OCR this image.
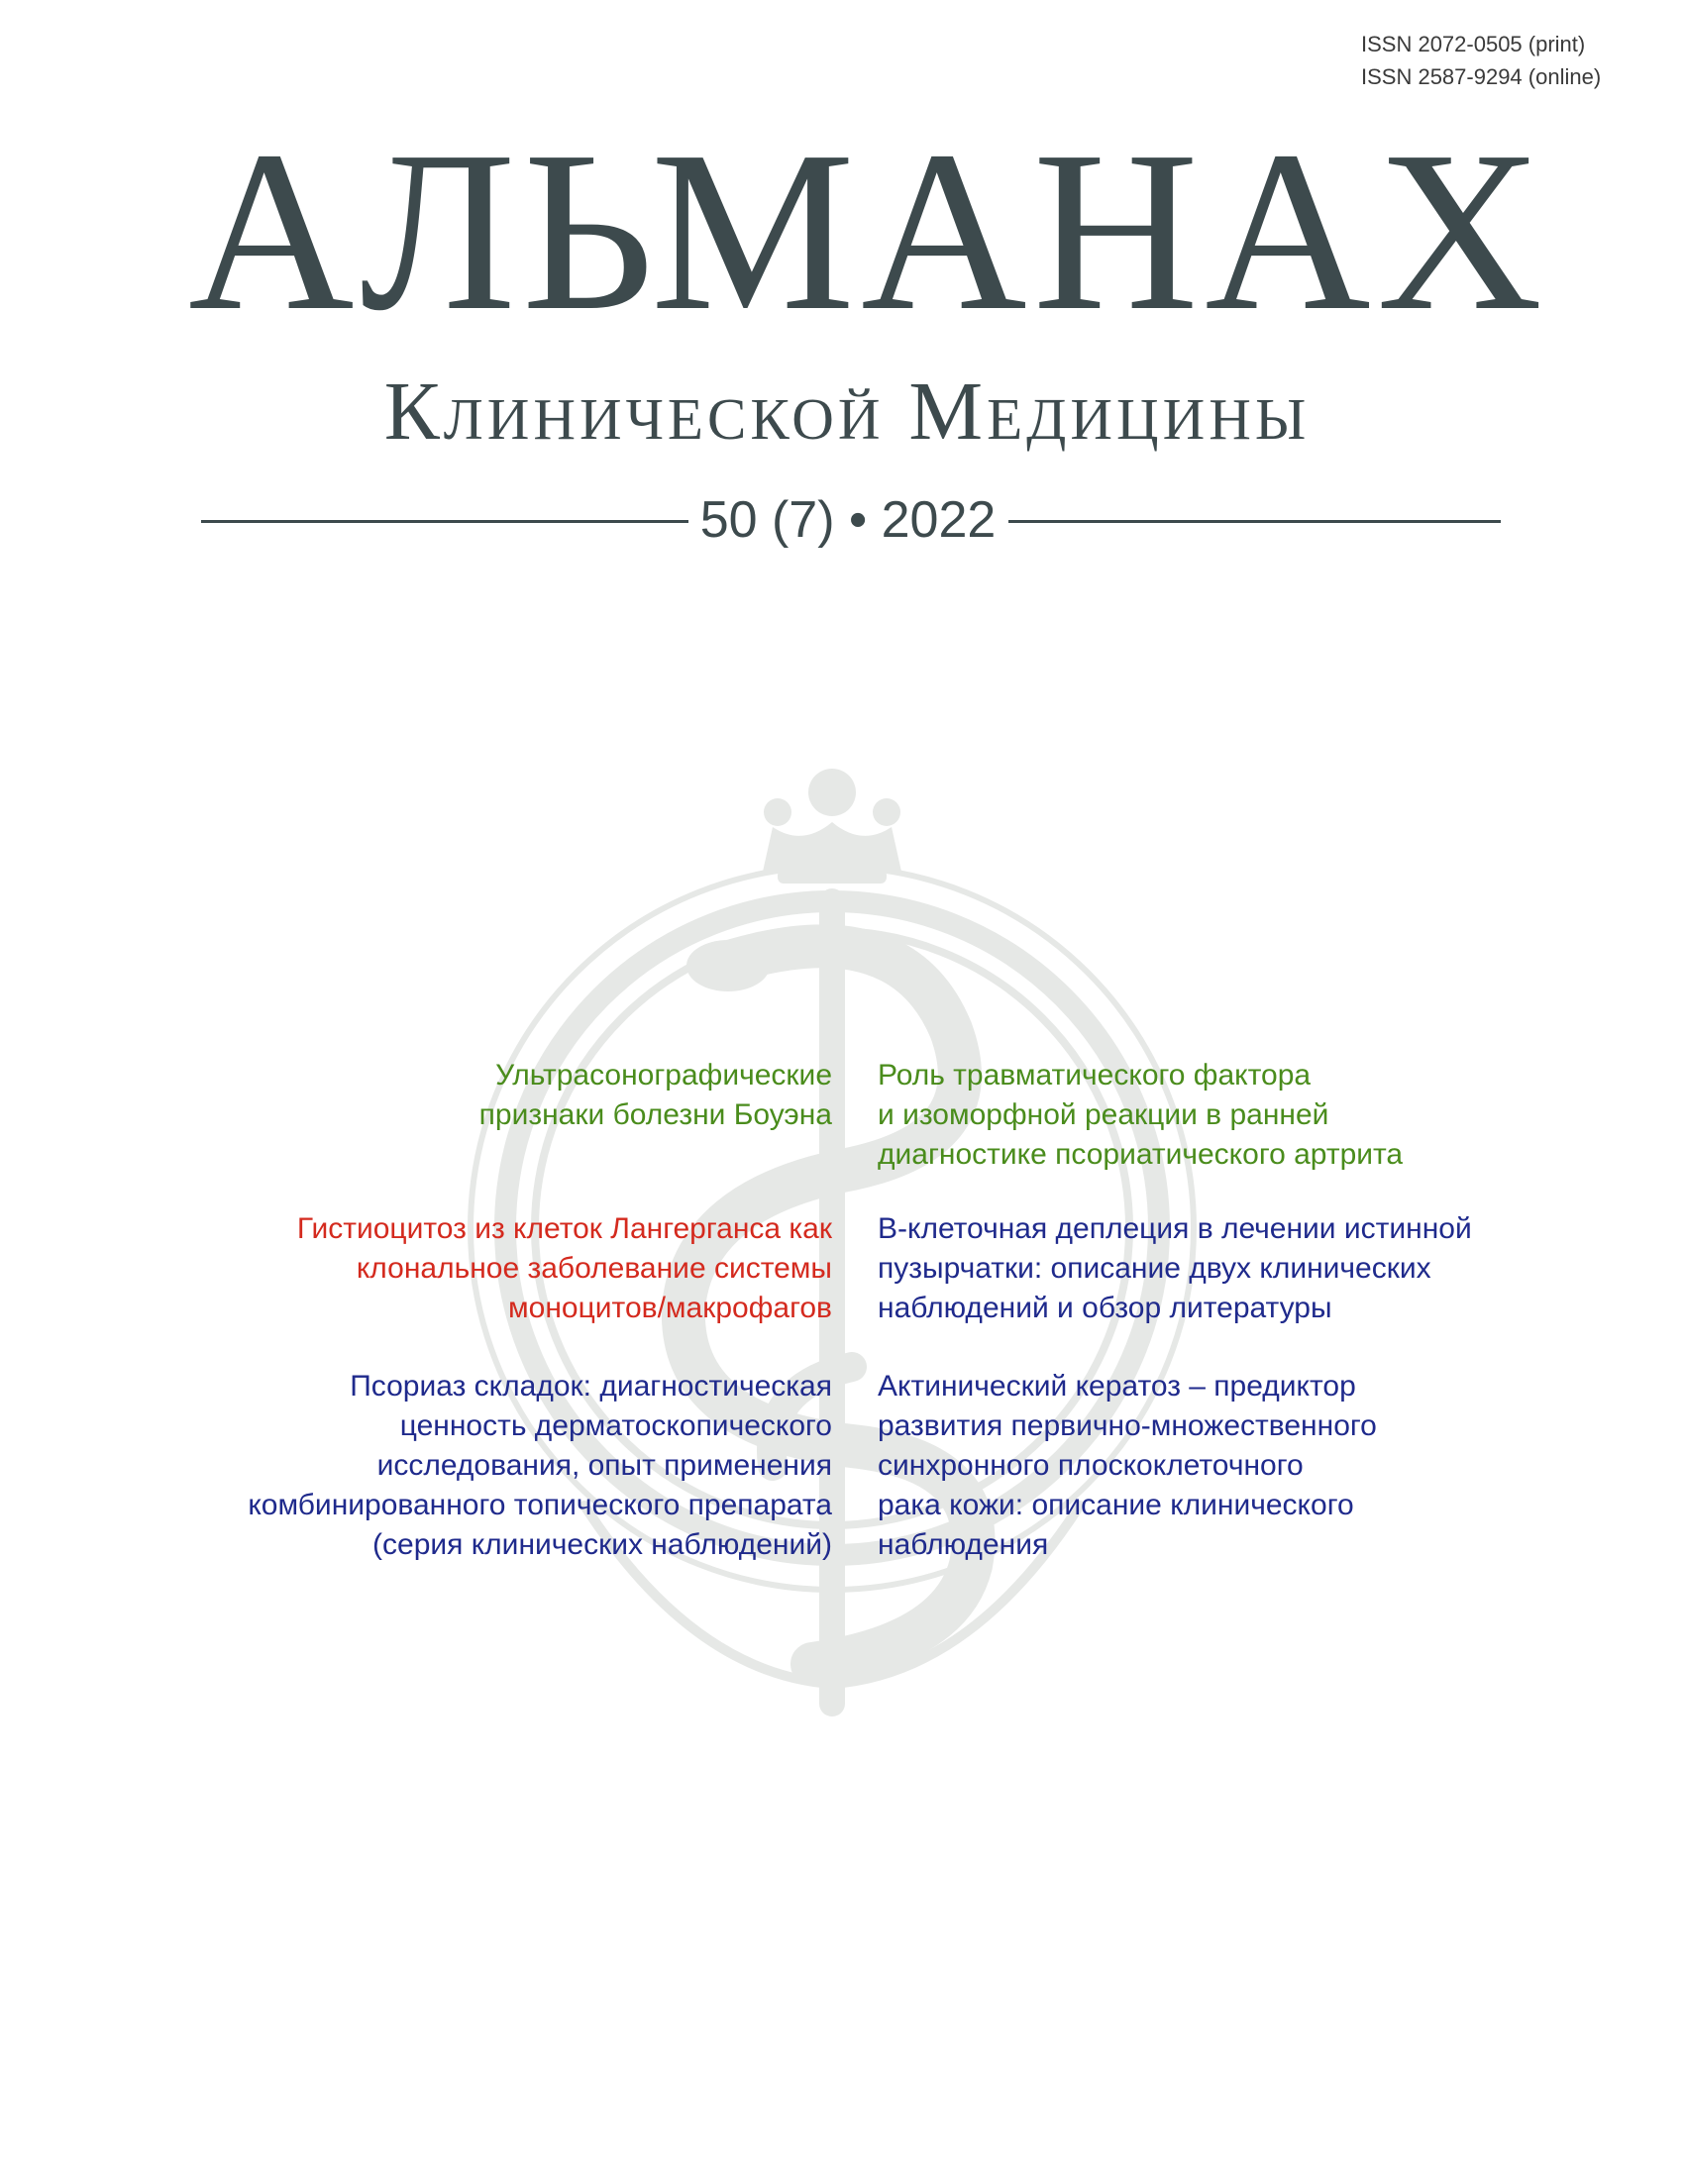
ISSN 2072-0505 (print)
ISSN 2587-9294 (online)
АЛЬМАНАХ
Клинической Медицины
50 (7) • 2022
Ультрасонографические
признаки болезни Боуэна
Гистиоцитоз из клеток Лангерганса как
клональное заболевание системы
моноцитов/макрофагов
Псориаз складок: диагностическая
ценность дерматоскопического
исследования, опыт применения
комбинированного топического препарата
(серия клинических наблюдений)
Роль травматического фактора
и изоморфной реакции в ранней
диагностике псориатического артрита
В-клеточная деплеция в лечении истинной
пузырчатки: описание двух клинических
наблюдений и обзор литературы
Актинический кератоз – предиктор
развития первично-множественного
синхронного плоскоклеточного
рака кожи: описание клинического
наблюдения
